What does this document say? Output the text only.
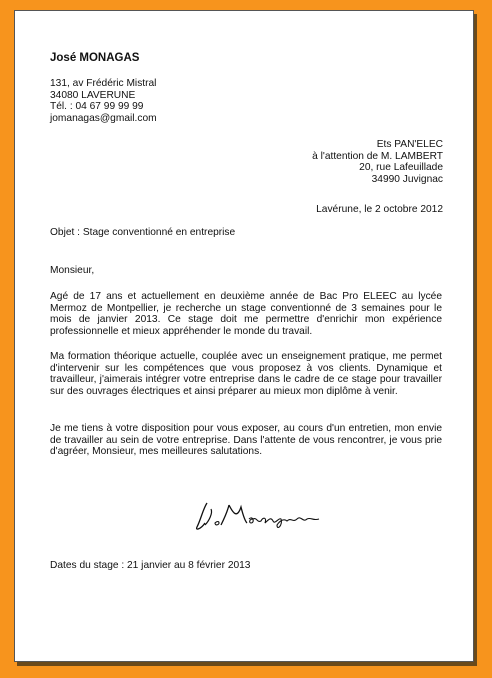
José MONAGAS
131, av Frédéric Mistral
34080 LAVERUNE
Tél. : 04 67 99 99 99
jomanagas@gmail.com
Ets PAN'ELEC
à l'attention de M. LAMBERT
20, rue Lafeuillade
34990 Juvignac
Lavérune, le 2 octobre 2012
Objet : Stage conventionné en entreprise
Monsieur,
Agé de 17 ans et actuellement en deuxième année de Bac Pro ELEEC au lycée Mermoz de Montpellier, je recherche un stage conventionné de 3 semaines pour le mois de janvier 2013. Ce stage doit me permettre d'enrichir mon expérience professionnelle et mieux appréhender le monde du travail.
Ma formation théorique actuelle, couplée avec un enseignement pratique, me permet d'intervenir sur les compétences que vous proposez à vos clients. Dynamique et travailleur, j'aimerais intégrer votre entreprise dans le cadre de ce stage pour travailler sur des ouvrages électriques et ainsi préparer au mieux mon diplôme à venir.
Je me tiens à votre disposition pour vous exposer, au cours d'un entretien, mon envie de travailler au sein de votre entreprise. Dans l'attente de vous rencontrer, je vous prie d'agréer, Monsieur, mes meilleures salutations.
Dates du stage : 21 janvier au 8 février 2013
